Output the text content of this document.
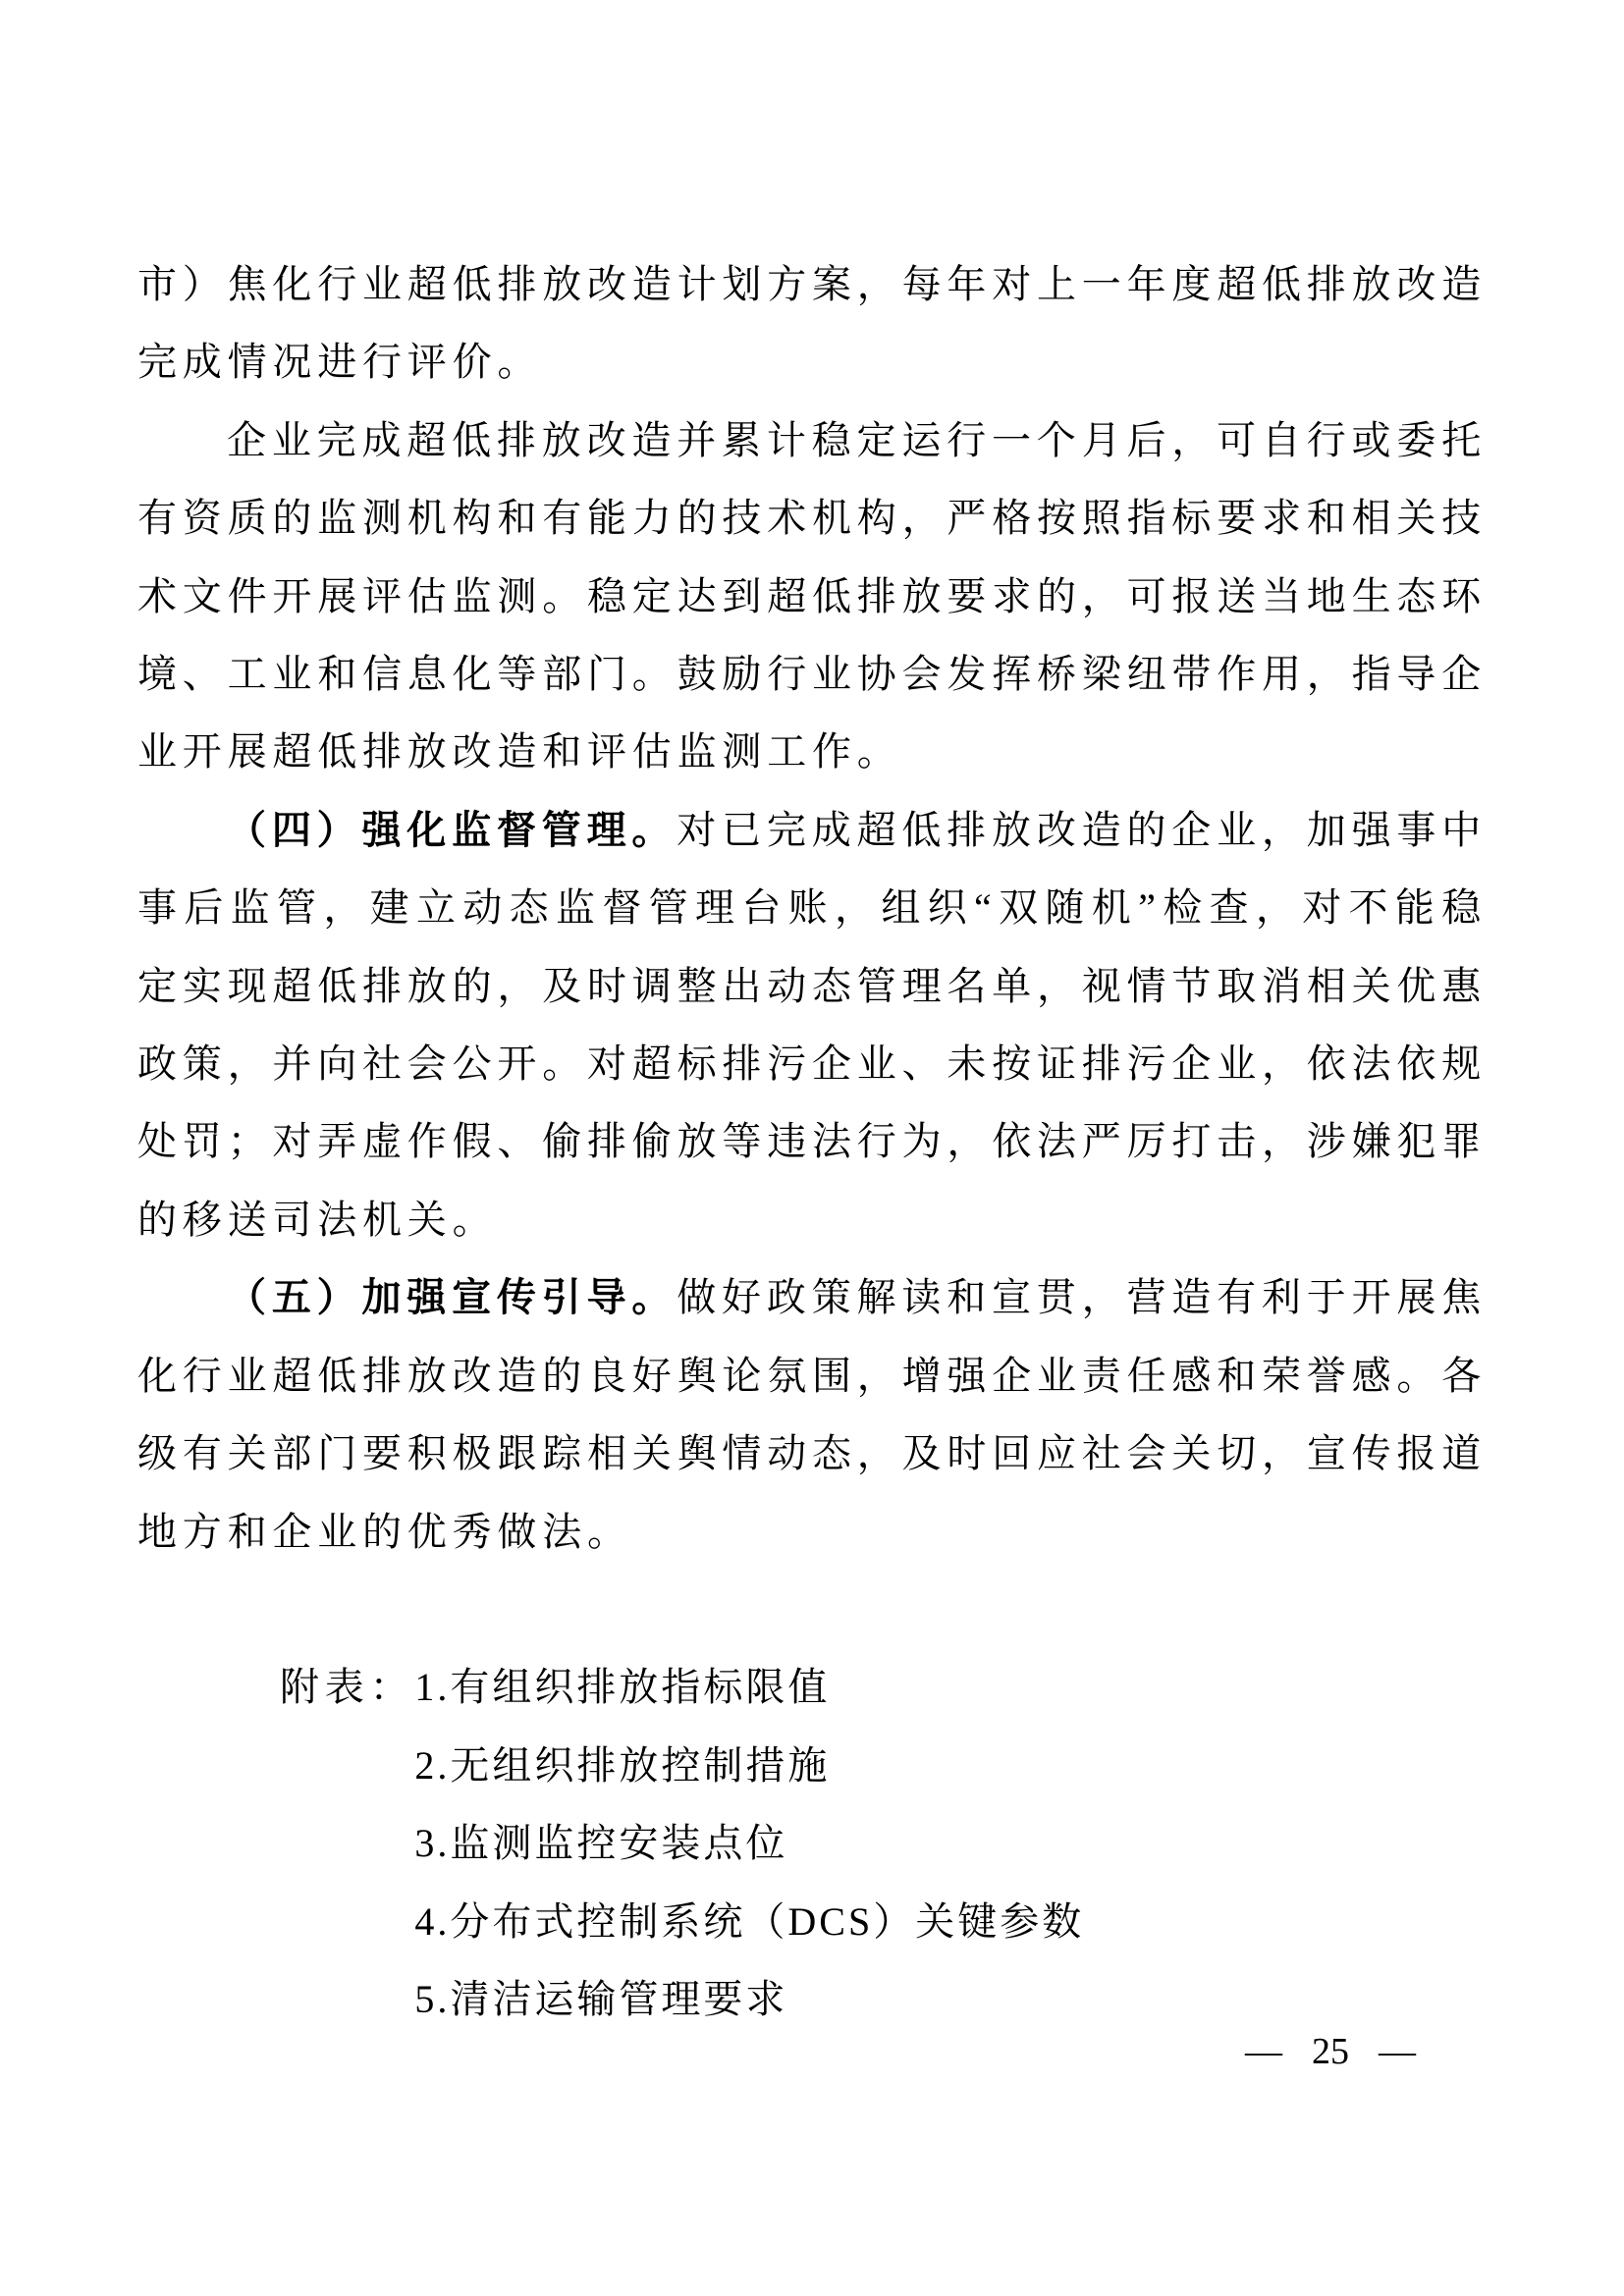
市）焦化行业超低排放改造计划方案，每年对上一年度超低排放改造完成情况进行评价。

企业完成超低排放改造并累计稳定运行一个月后，可自行或委托有资质的监测机构和有能力的技术机构，严格按照指标要求和相关技术文件开展评估监测。稳定达到超低排放要求的，可报送当地生态环境、工业和信息化等部门。鼓励行业协会发挥桥梁纽带作用，指导企业开展超低排放改造和评估监测工作。

（四）强化监督管理。对已完成超低排放改造的企业，加强事中事后监管，建立动态监督管理台账，组织“双随机”检查，对不能稳定实现超低排放的，及时调整出动态管理名单，视情节取消相关优惠政策，并向社会公开。对超标排污企业、未按证排污企业，依法依规处罚；对弄虚作假、偷排偷放等违法行为，依法严厉打击，涉嫌犯罪的移送司法机关。

（五）加强宣传引导。做好政策解读和宣贯，营造有利于开展焦化行业超低排放改造的良好舆论氛围，增强企业责任感和荣誉感。各级有关部门要积极跟踪相关舆情动态，及时回应社会关切，宣传报道地方和企业的优秀做法。

附表： 1.有组织排放指标限值
2.无组织排放控制措施
3.监测监控安装点位
4.分布式控制系统（DCS）关键参数
5.清洁运输管理要求
— 25 —
